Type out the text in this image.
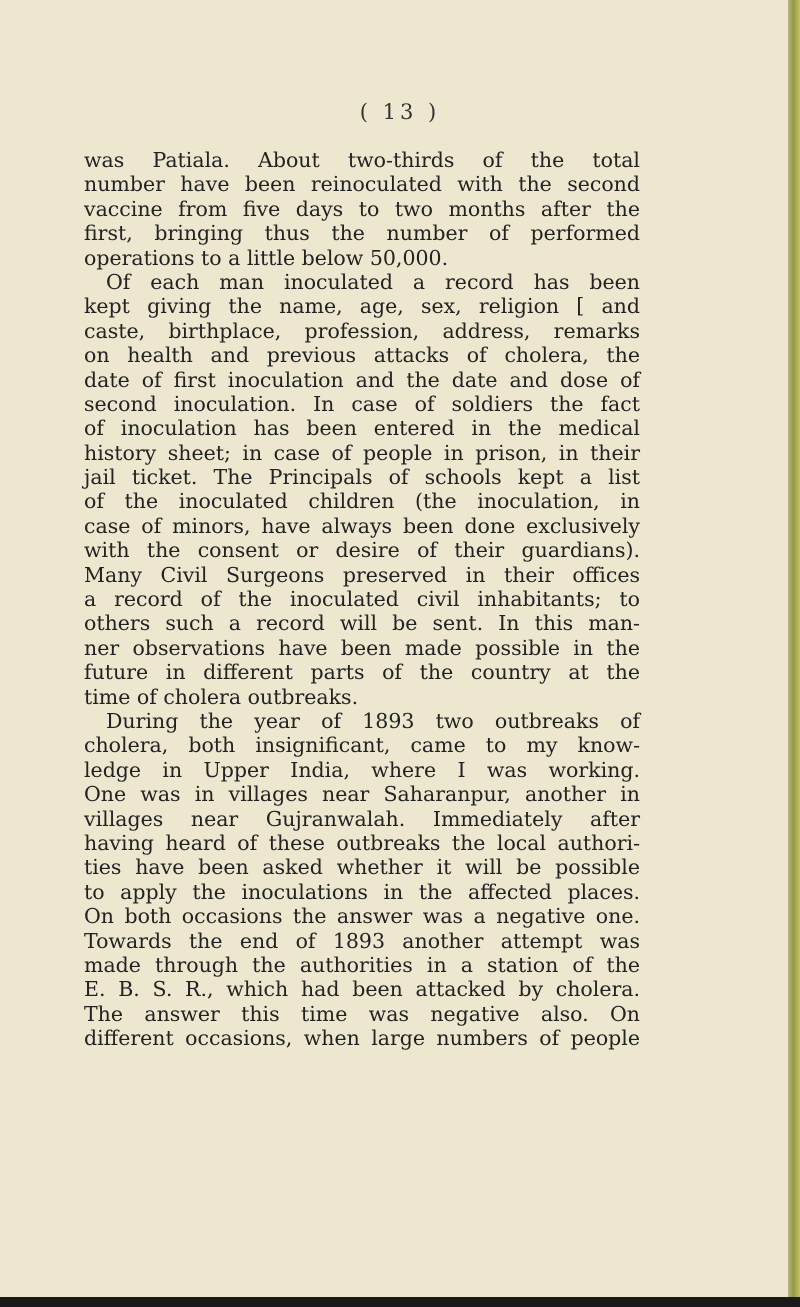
( 13 )
was Patiala. About two-thirds of the total
number have been reinoculated with the second
vaccine from five days to two months after the
first, bringing thus the number of performed
operations to a little below 50,000.
Of each man inoculated a record has been
kept giving the name, age, sex, religion [ and
caste, birthplace, profession, address, remarks
on health and previous attacks of cholera, the
date of first inoculation and the date and dose of
second inoculation. In case of soldiers the fact
of inoculation has been entered in the medical
history sheet; in case of people in prison, in their
jail ticket. The Principals of schools kept a list
of the inoculated children (the inoculation, in
case of minors, have always been done exclusively
with the consent or desire of their guardians).
Many Civil Surgeons preserved in their offices
a record of the inoculated civil inhabitants; to
others such a record will be sent. In this man-
ner observations have been made possible in the
future in different parts of the country at the
time of cholera outbreaks.
During the year of 1893 two outbreaks of
cholera, both insignificant, came to my know-
ledge in Upper India, where I was working.
One was in villages near Saharanpur, another in
villages near Gujranwalah. Immediately after
having heard of these outbreaks the local authori-
ties have been asked whether it will be possible
to apply the inoculations in the affected places.
On both occasions the answer was a negative one.
Towards the end of 1893 another attempt was
made through the authorities in a station of the
E. B. S. R., which had been attacked by cholera.
The answer this time was negative also. On
different occasions, when large numbers of people
